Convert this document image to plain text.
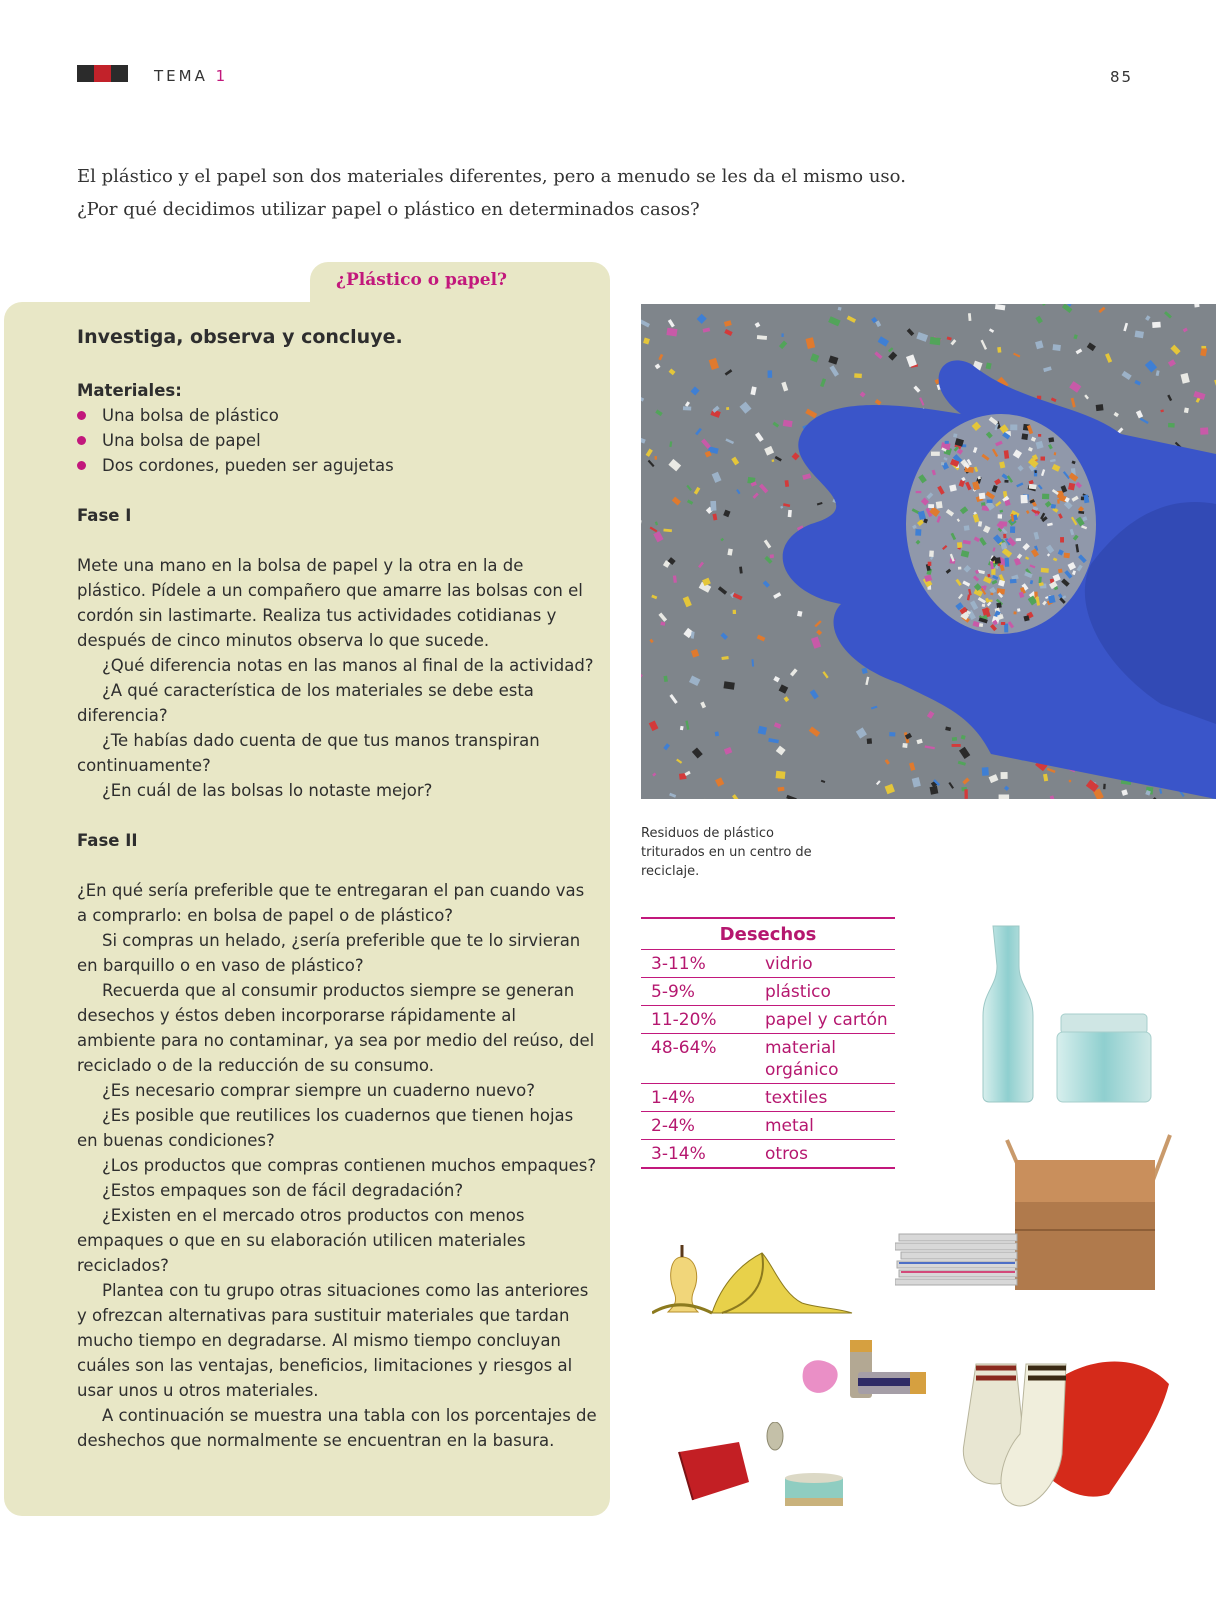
TEMA 1	85

El plástico y el papel son dos materiales diferentes, pero a menudo se les da el mismo uso.

¿Por qué decidimos utilizar papel o plástico en determinados casos?

¿Plástico o papel?
Investiga, observa y concluye.
Materiales:
Una bolsa de plástico
Una bolsa de papel
Dos cordones, pueden ser agujetas
Fase I

Mete una mano en la bolsa de papel y la otra en la de plástico. Pídele a un compañero que amarre las bolsas con el cordón sin lastimarte. Realiza tus actividades cotidianas y después de cinco minutos observa lo que sucede.

¿Qué diferencia notas en las manos al final de la actividad?

¿A qué característica de los materiales se debe esta diferencia?

¿Te habías dado cuenta de que tus manos transpiran continuamente?

¿En cuál de las bolsas lo notaste mejor?

Fase II

¿En qué sería preferible que te entregaran el pan cuando vas a comprarlo: en bolsa de papel o de plástico?

Si compras un helado, ¿sería preferible que te lo sirvieran en barquillo o en vaso de plástico?

Recuerda que al consumir productos siempre se generan desechos y éstos deben incorporarse rápidamente al ambiente para no contaminar, ya sea por medio del reúso, del reciclado o de la reducción de su consumo.

¿Es necesario comprar siempre un cuaderno nuevo?

¿Es posible que reutilices los cuadernos que tienen hojas en buenas condiciones?

¿Los productos que compras contienen muchos empaques?

¿Estos empaques son de fácil degradación?

¿Existen en el mercado otros productos con menos empaques o que en su elaboración utilicen materiales reciclados?

Plantea con tu grupo otras situaciones como las anteriores y ofrezcan alternativas para sustituir materiales que tardan mucho tiempo en degradarse. Al mismo tiempo concluyan cuáles son las ventajas, beneficios, limitaciones y riesgos al usar unos u otros materiales.

A continuación se muestra una tabla con los porcentajes de deshechos que normalmente se encuentran en la basura.

Residuos de plástico triturados en un centro de reciclaje.
Desechos	
3-11%	vidrio
5-9%	plástico
11-20%	papel y cartón
48-64%	material orgánico
1-4%	textiles
2-4%	metal
3-14%	otros
